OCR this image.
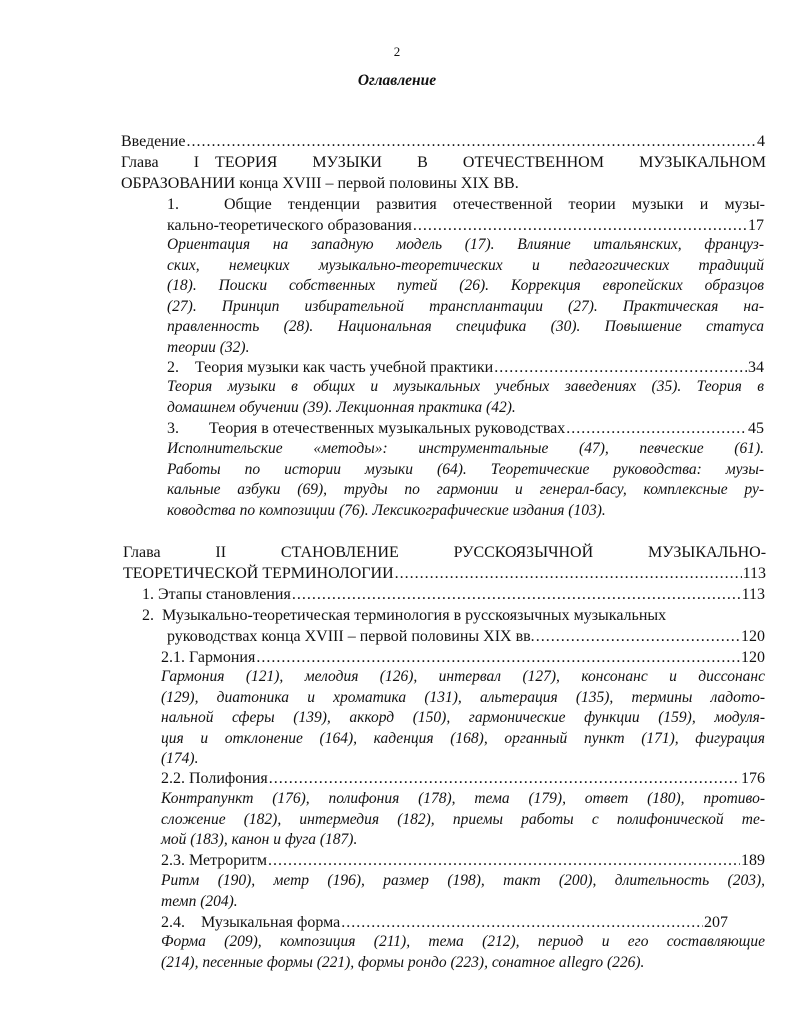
2
Оглавление
Введение .....	4
Глава I ТЕОРИЯ МУЗЫКИ В ОТЕЧЕСТВЕННОМ МУЗЫКАЛЬНОМ
ОБРАЗОВАНИИ конца XVIII – первой половины XIX ВВ.
1.	Общие тенденции развития отечественной теории музыки и музы-
кально-теоретического образования .....	17
Ориентация на западную модель (17). Влияние итальянских, француз-
ских, немецких музыкально-теоретических и педагогических традиций
(18). Поиски собственных путей (26). Коррекция европейских образцов
(27). Принцип избирательной трансплантации (27). Практическая на-
правленность (28). Национальная специфика (30). Повышение статуса
теории (32).
2. Теория музыки как часть учебной практики .....	34
Теория музыки в общих и музыкальных учебных заведениях (35). Теория в
домашнем обучении (39). Лекционная практика (42).
3. Теория в отечественных музыкальных руководствах .....	45
Исполнительские «методы»: инструментальные (47), певческие (61).
Работы по истории музыки (64). Теоретические руководства: музы-
кальные азбуки (69), труды по гармонии и генерал-басу, комплексные ру-
ководства по композиции (76). Лексикографические издания (103).
Глава	II	СТАНОВЛЕНИЕ	РУССКОЯЗЫЧНОЙ	МУЗЫКАЛЬНО-
ТЕОРЕТИЧЕСКОЙ ТЕРМИНОЛОГИИ .....	113
1.
Этапы становления .....	113
2. Музыкально-теоретическая терминология в русскоязычных музыкальных
руководствах конца XVIII – первой половины XIX вв. .....	120
2.1. Гармония .....	120
Гармония (121), мелодия (126), интервал (127), консонанс и диссонанс
(129), диатоника и хроматика (131), альтерация (135), термины ладото-
нальной сферы (139), аккорд (150), гармонические функции (159), модуля-
ция и отклонение (164), каденция (168), органный пункт (171), фигурация
(174).
2.2. Полифония .....	176
Контрапункт (176), полифония (178), тема (179), ответ (180), противо-
сложение (182), интермедия (182), приемы работы с полифонической те-
мой (183), канон и фуга (187).
2.3. Метроритм .....	189
Ритм (190), метр (196), размер (198), такт (200), длительность (203),
темп (204).
2.4. Музыкальная форма .....	207
Форма (209), композиция (211), тема (212), период и его составляющие
(214), песенные формы (221), формы рондо (223), сонатное allegro (226).
